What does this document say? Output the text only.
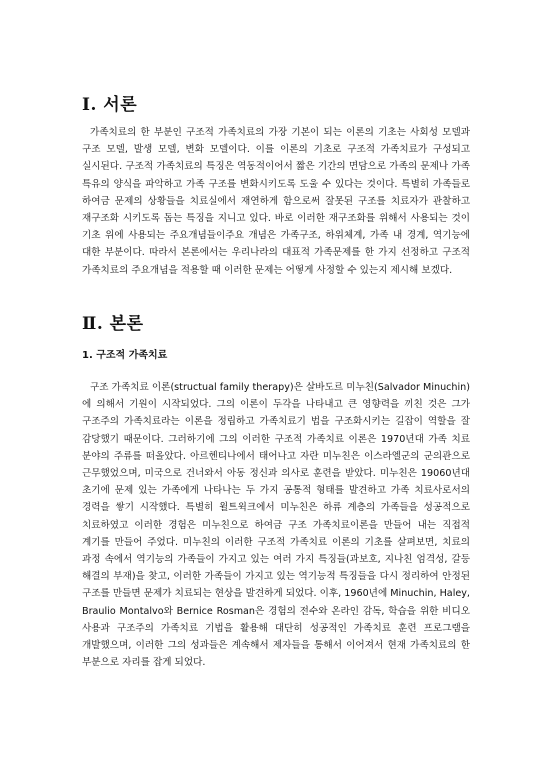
Ⅰ. 서론

가족치료의 한 부분인 구조적 가족치료의 가장 기본이 되는 이론의 기초는 사회성 모델과 구조 모델, 발생 모델, 변화 모델이다. 이를 이론의 기초로 구조적 가족치료가 구성되고 실시된다. 구조적 가족치료의 특징은 역동적이어서 짧은 기간의 면담으로 가족의 문제나 가족 특유의 양식을 파악하고 가족 구조를 변화시키도록 도울 수 있다는 것이다. 특별히 가족들로 하여금 문제의 상황들을 치료실에서 재연하게 함으로써 잘못된 구조를 치료자가 관찰하고 재구조화 시키도록 돕는 특징을 지니고 있다. 바로 이러한 재구조화를 위해서 사용되는 것이 기초 위에 사용되는 주요개념들이주요 개념은 가족구조, 하위체계, 가족 내 경계, 역기능에 대한 부분이다. 따라서 본론에서는 우리나라의 대표적 가족문제를 한 가지 선정하고 구조적 가족치료의 주요개념을 적용할 때 이러한 문제는 어떻게 사정할 수 있는지 제시해 보겠다.

Ⅱ. 본론
1. 구조적 가족치료

구조 가족치료 이론(structual family therapy)은 살바도르 미누친(Salvador Minuchin)에 의해서 기원이 시작되었다. 그의 이론이 두각을 나타내고 큰 영향력을 끼친 것은 그가 구조주의 가족치료라는 이론을 정립하고 가족치료기 법을 구조화시키는 길잡이 역할을 잘 감당했기 때문이다. 그러하기에 그의 이러한 구조적 가족치료 이론은 1970년대 가족 치료 분야의 주류를 떠올았다. 아르헨티나에서 태어나고 자란 미누친은 이스라엘군의 군의관으로 근무했었으며, 미국으로 건너와서 아동 정신과 의사로 훈련을 받았다. 미누친은 19060년대 초기에 문제 있는 가족에게 나타나는 두 가지 공통적 형태를 발견하고 가족 치료사로서의 경력을 쌓기 시작했다. 특별히 윌트윅크에서 미누친은 하류 계층의 가족들을 성공적으로 치료하였고 이러한 경험은 미누친으로 하여금 구조 가족치료이론을 만들어 내는 직접적 계기를 만들어 주었다. 미누친의 이러한 구조적 가족치료 이론의 기초를 살펴보면, 치료의 과정 속에서 역기능의 가족들이 가지고 있는 여러 가지 특징들(과보호, 지나친 엄격성, 갈등 해결의 부재)을 찾고, 이러한 가족들이 가지고 있는 역기능적 특징들을 다시 정리하여 안정된 구조를 만들면 문제가 치료되는 현상을 발견하게 되었다. 이후, 1960년에 Minuchin, Haley, Braulio Montalvo와 Bernice Rosman은 경험의 전수와 온라인 감독, 학습을 위한 비디오 사용과 구조주의 가족치료 기법을 활용해 대단히 성공적인 가족치료 훈련 프로그램을 개발했으며, 이러한 그의 성과들은 계속해서 제자들을 통해서 이어져서 현재 가족치료의 한 부분으로 자리를 잡게 되었다.
